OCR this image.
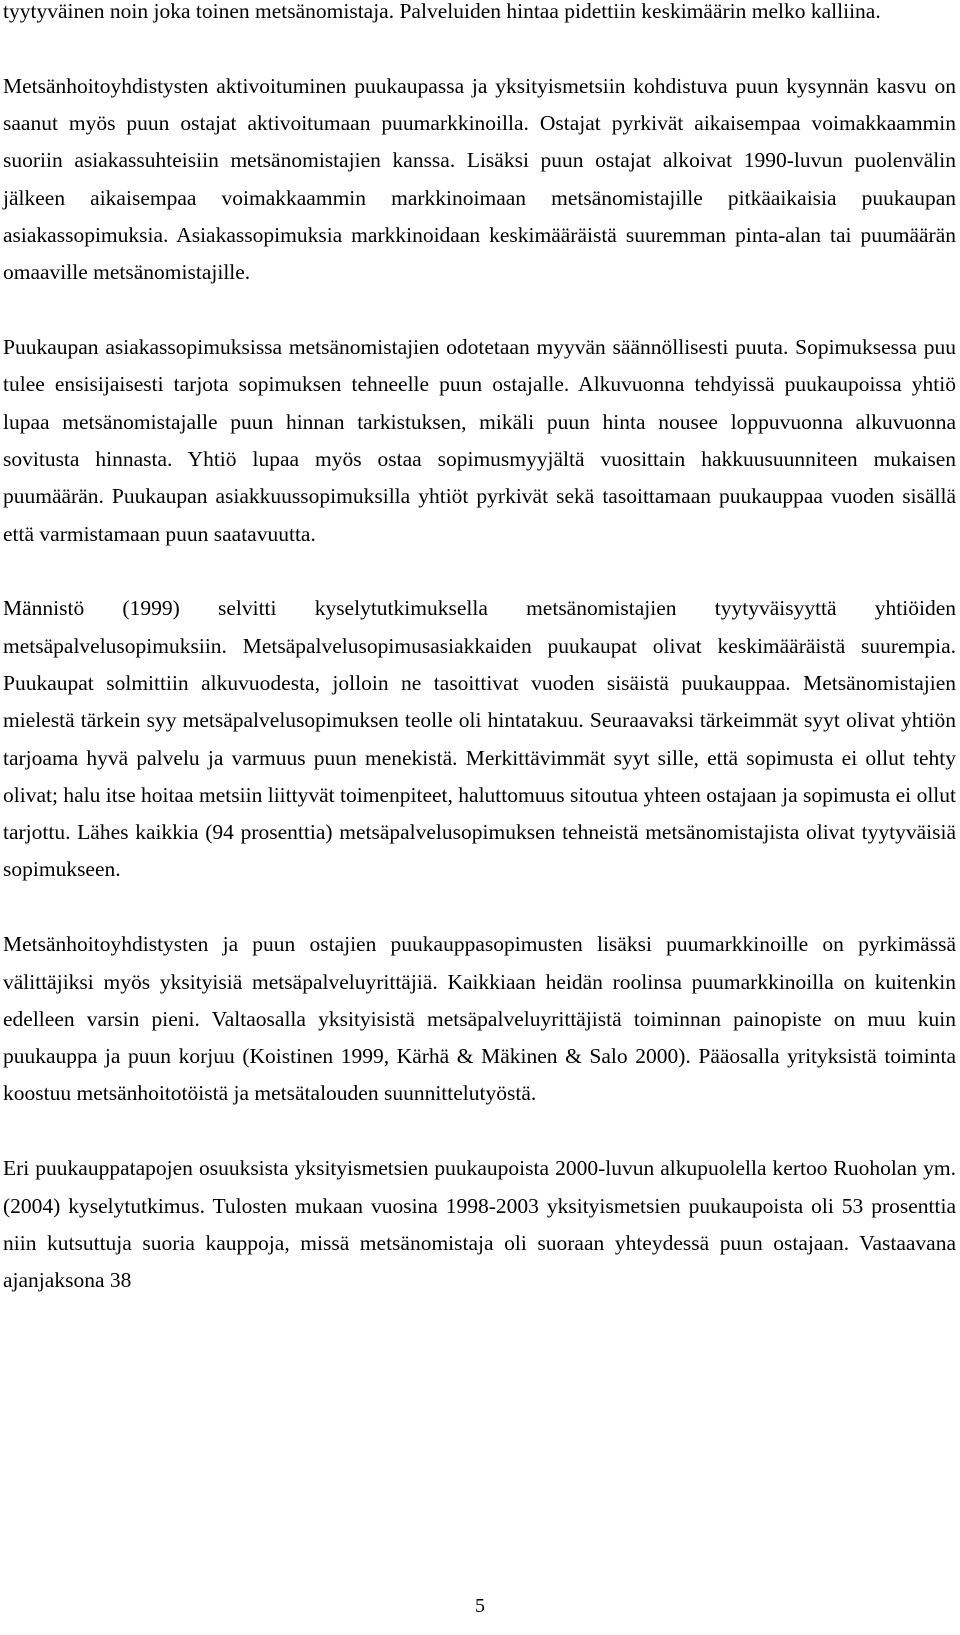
tyytyväinen noin joka toinen metsänomistaja. Palveluiden hintaa pidettiin keskimäärin melko kalliina.

Metsänhoitoyhdistysten aktivoituminen puukaupassa ja yksityismetsiin kohdistuva puun kysynnän kasvu on saanut myös puun ostajat aktivoitumaan puumarkkinoilla. Ostajat pyrkivät aikaisempaa voimakkaammin suoriin asiakassuhteisiin metsänomistajien kanssa. Lisäksi puun ostajat alkoivat 1990-luvun puolenvälin jälkeen aikaisempaa voimakkaammin markkinoimaan metsänomistajille pitkäaikaisia puukaupan asiakassopimuksia. Asiakassopimuksia markkinoidaan keskimääräistä suuremman pinta-alan tai puumäärän omaaville metsänomistajille.

Puukaupan asiakassopimuksissa metsänomistajien odotetaan myyvän säännöllisesti puuta. Sopimuksessa puu tulee ensisijaisesti tarjota sopimuksen tehneelle puun ostajalle. Alkuvuonna tehdyissä puukaupoissa yhtiö lupaa metsänomistajalle puun hinnan tarkistuksen, mikäli puun hinta nousee loppuvuonna alkuvuonna sovitusta hinnasta. Yhtiö lupaa myös ostaa sopimusmyyjältä vuosittain hakkuusuunniteen mukaisen puumäärän. Puukaupan asiakkuussopimuksilla yhtiöt pyrkivät sekä tasoittamaan puukauppaa vuoden sisällä että varmistamaan puun saatavuutta.

Männistö (1999) selvitti kyselytutkimuksella metsänomistajien tyytyväisyyttä yhtiöiden metsäpalvelusopimuksiin. Metsäpalvelusopimusasiakkaiden puukaupat olivat keskimääräistä suurempia. Puukaupat solmittiin alkuvuodesta, jolloin ne tasoittivat vuoden sisäistä puukauppaa. Metsänomistajien mielestä tärkein syy metsäpalvelusopimuksen teolle oli hintatakuu. Seuraavaksi tärkeimmät syyt olivat yhtiön tarjoama hyvä palvelu ja varmuus puun menekistä. Merkittävimmät syyt sille, että sopimusta ei ollut tehty olivat; halu itse hoitaa metsiin liittyvät toimenpiteet, haluttomuus sitoutua yhteen ostajaan ja sopimusta ei ollut tarjottu. Lähes kaikkia (94 prosenttia) metsäpalvelusopimuksen tehneistä metsänomistajista olivat tyytyväisiä sopimukseen.

Metsänhoitoyhdistysten ja puun ostajien puukauppasopimusten lisäksi puumarkkinoille on pyrkimässä välittäjiksi myös yksityisiä metsäpalveluyrittäjiä. Kaikkiaan heidän roolinsa puumarkkinoilla on kuitenkin edelleen varsin pieni. Valtaosalla yksityisistä metsäpalveluyrittäjistä toiminnan painopiste on muu kuin puukauppa ja puun korjuu (Koistinen 1999, Kärhä & Mäkinen & Salo 2000). Pääosalla yrityksistä toiminta koostuu metsänhoitotöistä ja metsätalouden suunnittelutyöstä.

Eri puukauppatapojen osuuksista yksityismetsien puukaupoista 2000-luvun alkupuolella kertoo Ruoholan ym. (2004) kyselytutkimus. Tulosten mukaan vuosina 1998-2003 yksityismetsien puukaupoista oli 53 prosenttia niin kutsuttuja suoria kauppoja, missä metsänomistaja oli suoraan yhteydessä puun ostajaan. Vastaavana ajanjaksona 38

5
